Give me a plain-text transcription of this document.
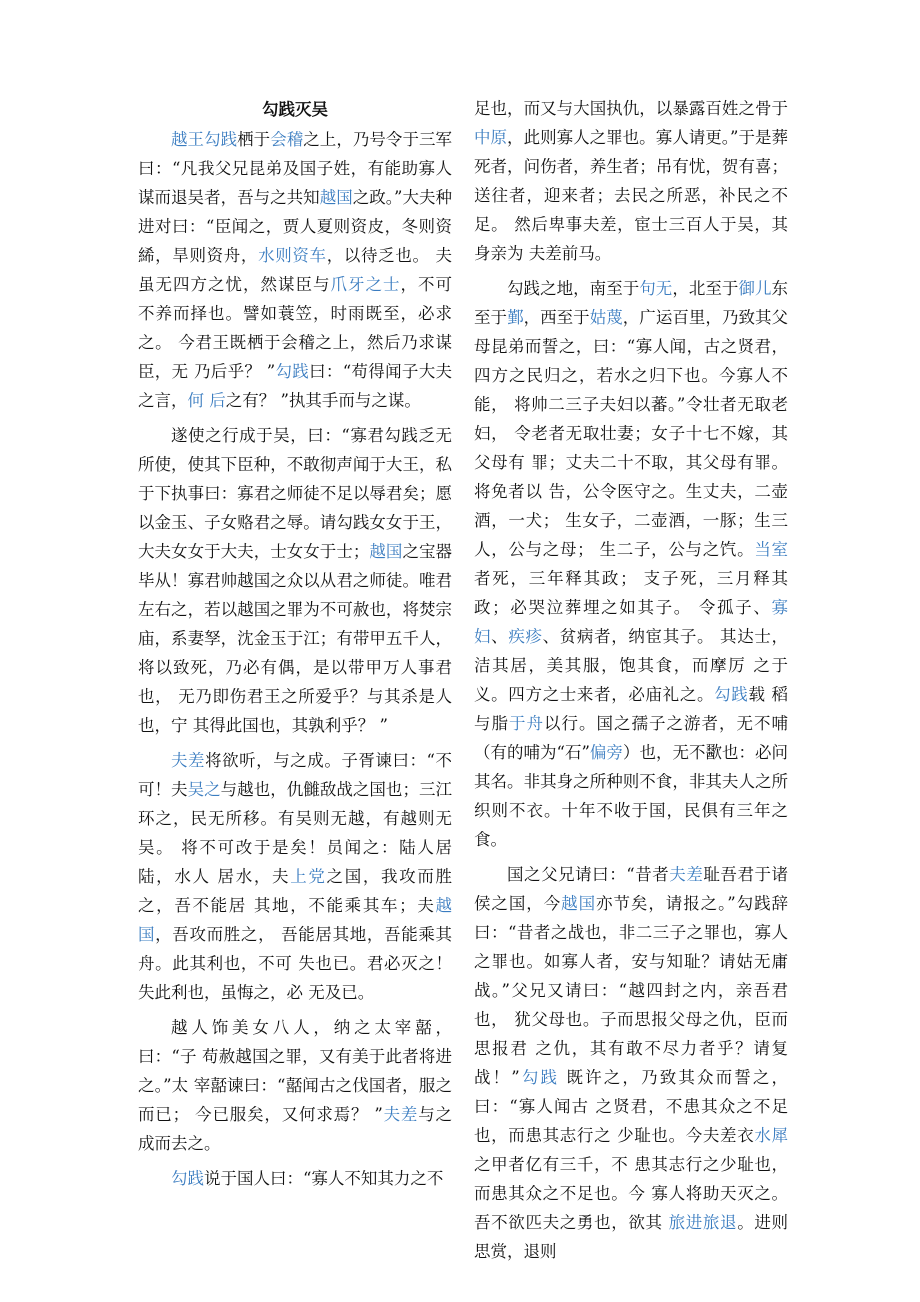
勾践灭吴

越王勾践栖于会稽之上，乃号令于三军曰：“凡我父兄昆弟及国子姓，有能助寡人谋而退吴者，吾与之共知越国之政。”大夫种进对曰：“臣闻之，贾人夏则资皮，冬则资絺，旱则资舟，水则资车，以待乏也。 夫虽无四方之忧，然谋臣与爪牙之士，不可 不养而择也。譬如蓑笠，时雨既至，必求之。 今君王既栖于会稽之上，然后乃求谋臣，无 乃后乎？ ”勾践曰：“苟得闻子大夫之言，何 后之有？ ”执其手而与之谋。

遂使之行成于吴，曰：“寡君勾践乏无所使，使其下臣种，不敢彻声闻于大王，私于下执事曰：寡君之师徒不足以辱君矣；愿以金玉、子女赂君之辱。请勾践女女于王，大夫女女于大夫，士女女于士；越国之宝器毕从！寡君帅越国之众以从君之师徒。唯君左右之，若以越国之罪为不可赦也，将焚宗庙，系妻孥，沈金玉于江；有带甲五千人，将以致死，乃必有偶，是以带甲万人事君也， 无乃即伤君王之所爱乎？与其杀是人也，宁 其得此国也，其孰利乎？ ”

夫差将欲听，与之成。子胥谏曰：“不可！夫吴之与越也，仇雠敌战之国也；三江环之，民无所移。有吴则无越，有越则无吴。 将不可改于是矣！员闻之：陆人居陆，水人 居水，夫上党之国，我攻而胜之，吾不能居 其地，不能乘其车；夫越国，吾攻而胜之， 吾能居其地，吾能乘其舟。此其利也，不可 失也已。君必灭之！失此利也，虽悔之，必 无及已。

越人饰美女八人，纳之太宰嚭，曰：“子 苟赦越国之罪，又有美于此者将进之。”太 宰嚭谏曰：“嚭闻古之伐国者，服之而已； 今已服矣，又何求焉？ ”夫差与之成而去之。

勾践说于国人曰：“寡人不知其力之不

足也，而又与大国执仇，以暴露百姓之骨于中原，此则寡人之罪也。寡人请更。”于是葬死者，问伤者，养生者；吊有忧，贺有喜； 送往者，迎来者；去民之所恶，补民之不足。 然后卑事夫差，宦士三百人于吴，其身亲为 夫差前马。

勾践之地，南至于句无，北至于御儿东至于鄞，西至于姑蔑，广运百里，乃致其父母昆弟而誓之，曰：“寡人闻，古之贤君， 四方之民归之，若水之归下也。今寡人不能， 将帅二三子夫妇以蕃。”令壮者无取老妇， 令老者无取壮妻；女子十七不嫁，其父母有 罪；丈夫二十不取，其父母有罪。将免者以 告，公令医守之。生丈夫，二壶酒，一犬； 生女子，二壶酒，一豚；生三人，公与之母； 生二子，公与之饩。当室者死，三年释其政； 支子死，三月释其政；必哭泣葬埋之如其子。 令孤子、寡妇、疾疹、贫病者，纳宦其子。 其达士，洁其居，美其服，饱其食，而摩厉 之于义。四方之士来者，必庙礼之。勾践载 稻与脂于舟以行。国之孺子之游者，无不哺 （有的哺为“石”偏旁）也，无不歠也：必问 其名。非其身之所种则不食，非其夫人之所 织则不衣。十年不收于国，民俱有三年之食。

国之父兄请曰：“昔者夫差耻吾君于诸侯之国，今越国亦节矣，请报之。”勾践辞曰：“昔者之战也，非二三子之罪也，寡人之罪也。如寡人者，安与知耻？请姑无庸战。”父兄又请曰：“越四封之内，亲吾君也， 犹父母也。子而思报父母之仇，臣而思报君 之仇，其有敢不尽力者乎？请复战！”勾践 既许之，乃致其众而誓之，曰：“寡人闻古 之贤君，不患其众之不足也，而患其志行之 少耻也。今夫差衣水犀之甲者亿有三千，不 患其志行之少耻也，而患其众之不足也。今 寡人将助天灭之。吾不欲匹夫之勇也，欲其 旅进旅退。进则思赏，退则
